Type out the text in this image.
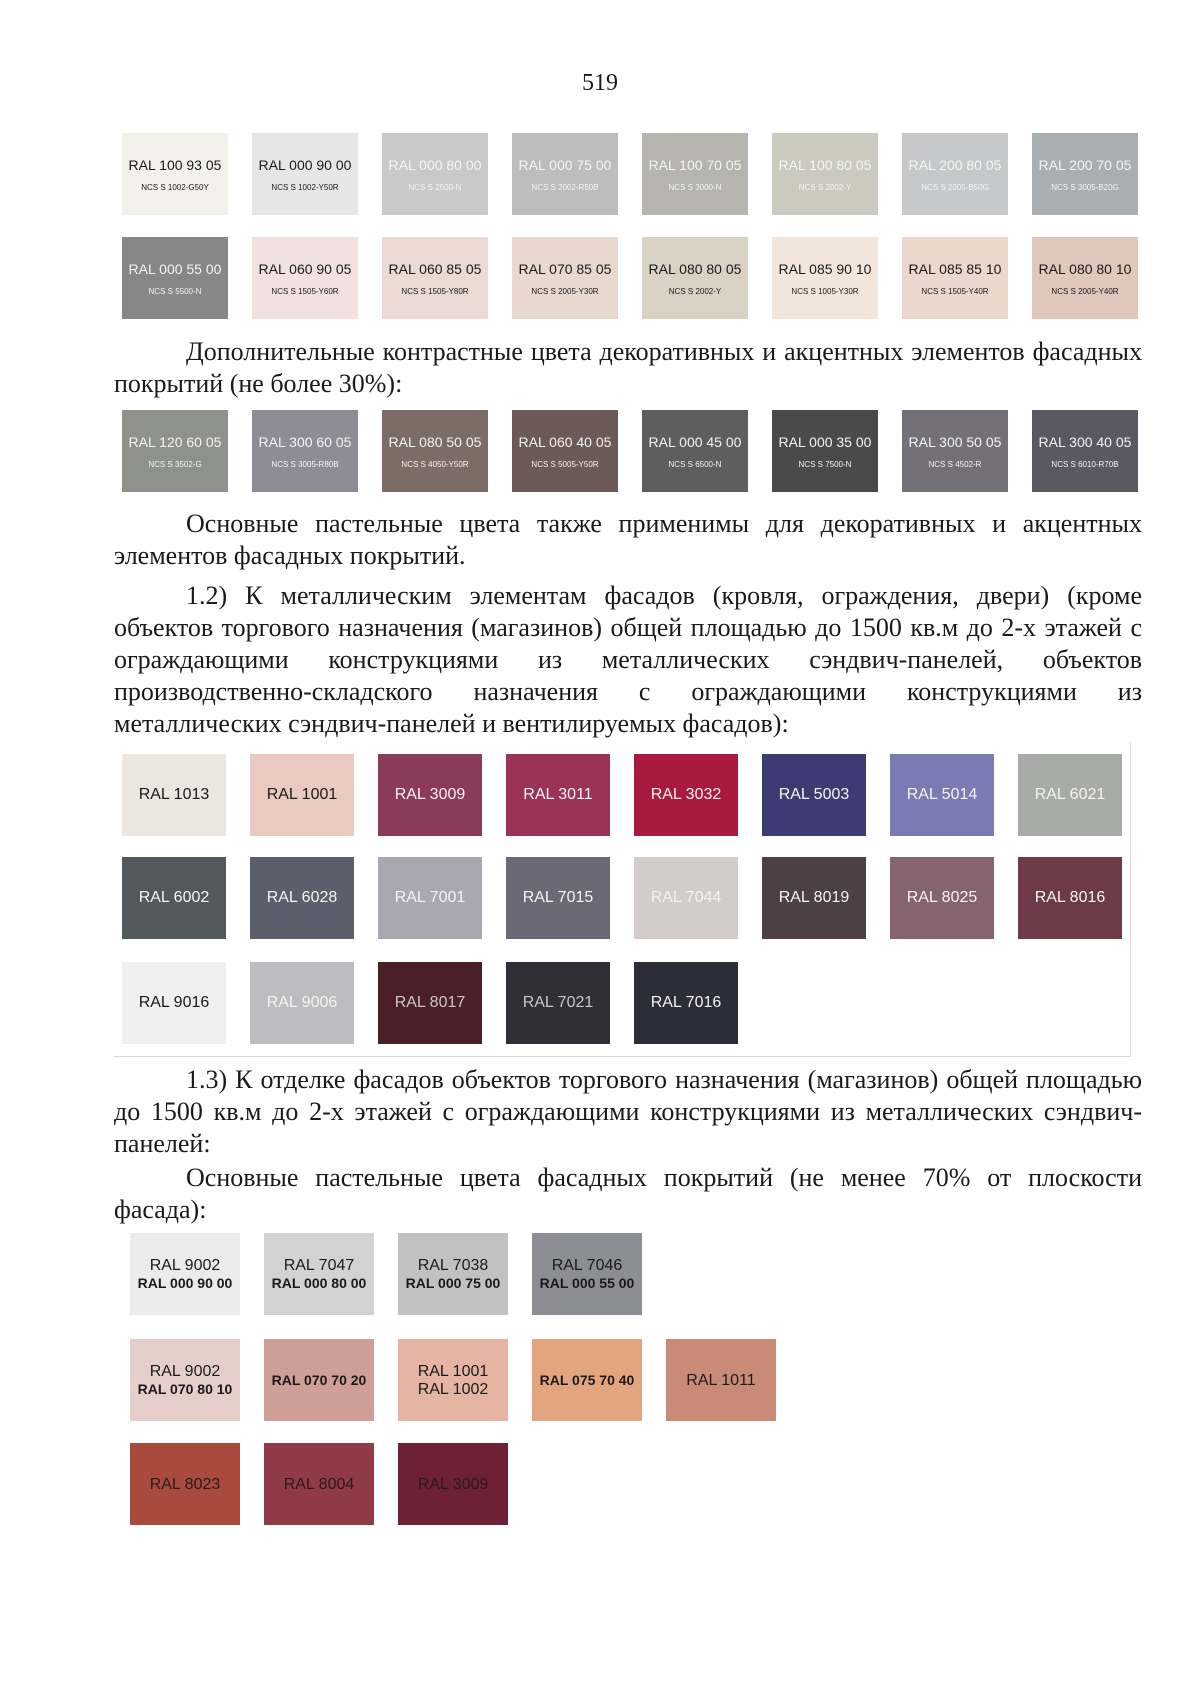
519
RAL 100 93 05
NCS S 1002-G50Y
RAL 000 90 00
NCS S 1002-Y50R
RAL 000 80 00
NCS S 2500-N
RAL 000 75 00
NCS S 2002-R50B
RAL 100 70 05
NCS S 3000-N
RAL 100 80 05
NCS S 2002-Y
RAL 200 80 05
NCS S 2005-B50G
RAL 200 70 05
NCS S 3005-B20G
RAL 000 55 00
NCS S 5500-N
RAL 060 90 05
NCS S 1505-Y60R
RAL 060 85 05
NCS S 1505-Y80R
RAL 070 85 05
NCS S 2005-Y30R
RAL 080 80 05
NCS S 2002-Y
RAL 085 90 10
NCS S 1005-Y30R
RAL 085 85 10
NCS S 1505-Y40R
RAL 080 80 10
NCS S 2005-Y40R

Дополнительные контрастные цвета декоративных и акцентных элементов фасадных покрытий (не более 30%):

RAL 120 60 05
NCS S 3502-G
RAL 300 60 05
NCS S 3005-R80B
RAL 080 50 05
NCS S 4050-Y50R
RAL 060 40 05
NCS S 5005-Y50R
RAL 000 45 00
NCS S 6500-N
RAL 000 35 00
NCS S 7500-N
RAL 300 50 05
NCS S 4502-R
RAL 300 40 05
NCS S 6010-R70B

Основные пастельные цвета также применимы для декоративных и акцентных элементов фасадных покрытий.

1.2) К металлическим элементам фасадов (кровля, ограждения, двери) (кроме объектов торгового назначения (магазинов) общей площадью до 1500 кв.м до 2-х этажей с ограждающими конструкциями из металлических сэндвич-панелей, объектов производственно-складского назначения с ограждающими конструкциями из металлических сэндвич-панелей и вентилируемых фасадов):

RAL 1013	RAL 1001	RAL 3009	RAL 3011	RAL 3032	RAL 5003	RAL 5014	RAL 6021
RAL 6002	RAL 6028	RAL 7001	RAL 7015	RAL 7044	RAL 8019	RAL 8025	RAL 8016
RAL 9016	RAL 9006	RAL 8017	RAL 7021	RAL 7016

1.3) К отделке фасадов объектов торгового назначения (магазинов) общей площадью до 1500 кв.м до 2-х этажей с ограждающими конструкциями из металлических сэндвич-панелей:

Основные пастельные цвета фасадных покрытий (не менее 70% от плоскости фасада):

RAL 9002
RAL 000 90 00
RAL 7047
RAL 000 80 00
RAL 7038
RAL 000 75 00
RAL 7046
RAL 000 55 00
RAL 9002
RAL 070 80 10
RAL 070 70 20	RAL 1001
RAL 1002
RAL 075 70 40	RAL 1011
RAL 8023	RAL 8004	RAL 3009
